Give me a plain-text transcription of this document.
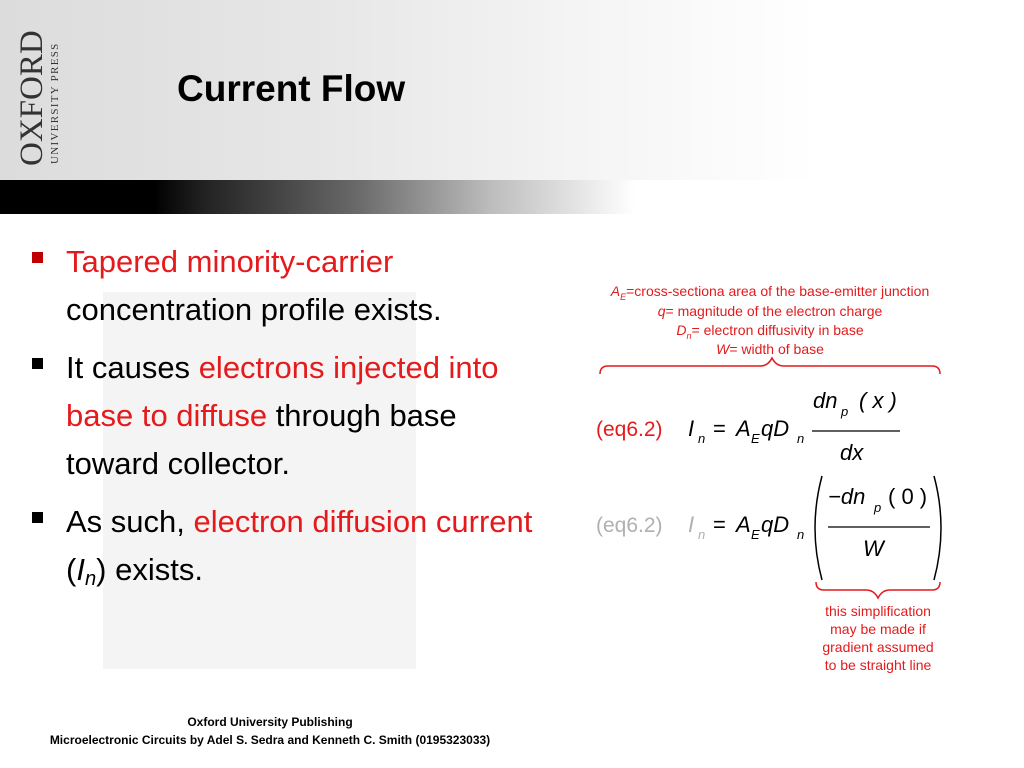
OXFORD UNIVERSITY PRESS	Current Flow
Tapered minority-carrier concentration profile exists.
It causes electrons injected into base to diffuse through base toward collector.
As such, electron diffusion current $(I_n)$ exists.
$A_E=cross$-sectiona area of the base-emitter junction
q= magnitude of the electron charge
$D_n=$ electron diffusivity in base
W= width of base
(eq6.2) I n = A E qD n
dn p ( x )
dx
(eq6.2) I n = A E qD n
−dn p ( 0 )
W
this simplification
may be made if
gradient assumed
to be straight line
Oxford University Publishing
Microelectronic Circuits by Adel S. Sedra and Kenneth C. Smith (0195323033)
